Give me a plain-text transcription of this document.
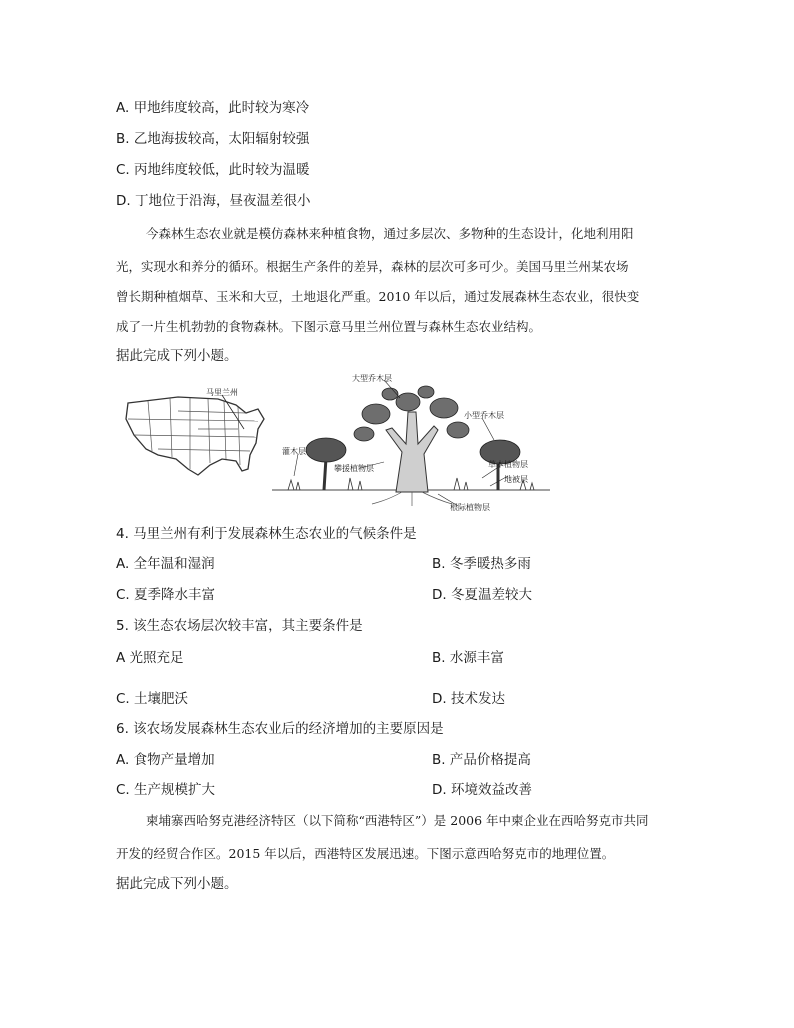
A. 甲地纬度较高，此时较为寒冷
B. 乙地海拔较高，太阳辐射较强
C. 丙地纬度较低，此时较为温暖
D. 丁地位于沿海，昼夜温差很小
今森林生态农业就是模仿森林来种植食物，通过多层次、多物种的生态设计，化地利用阳
光，实现水和养分的循环。根据生产条件的差异，森林的层次可多可少。美国马里兰州某农场
曾长期种植烟草、玉米和大豆，土地退化严重。2010 年以后，通过发展森林生态农业，很快变
成了一片生机勃勃的食物森林。下图示意马里兰州位置与森林生态农业结构。
据此完成下列小题。
马里兰州
大型乔木层
小型乔木层
灌木层
攀援植物层	草本植物层
地被层
根际植物层
4. 马里兰州有利于发展森林生态农业的气候条件是
A. 全年温和湿润	B. 冬季暖热多雨
C. 夏季降水丰富	D. 冬夏温差较大
5. 该生态农场层次较丰富，其主要条件是
A 光照充足	B. 水源丰富
C. 土壤肥沃	D. 技术发达
6. 该农场发展森林生态农业后的经济增加的主要原因是
A. 食物产量增加	B. 产品价格提高
C. 生产规模扩大	D. 环境效益改善
柬埔寨西哈努克港经济特区（以下简称“西港特区”）是 2006 年中柬企业在西哈努克市共同
开发的经贸合作区。2015 年以后，西港特区发展迅速。下图示意西哈努克市的地理位置。
据此完成下列小题。
